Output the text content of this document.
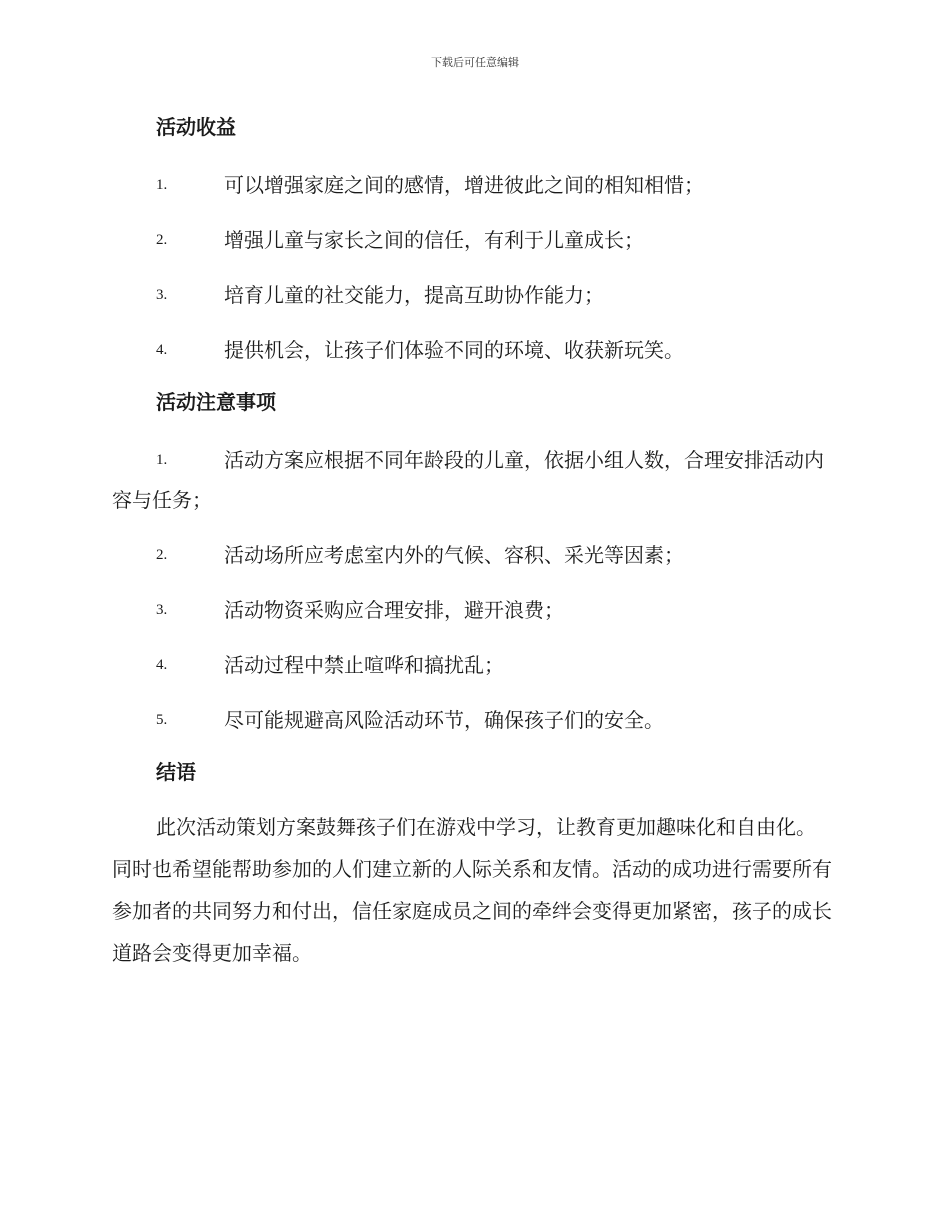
下载后可任意编辑
活动收益
1.	可以增强家庭之间的感情，增进彼此之间的相知相惜；
2.	增强儿童与家长之间的信任，有利于儿童成长；
3.	培育儿童的社交能力，提高互助协作能力；
4.	提供机会，让孩子们体验不同的环境、收获新玩笑。
活动注意事项
1.	活动方案应根据不同年龄段的儿童，依据小组人数，合理安排活动内容与任务；
2.	活动场所应考虑室内外的气候、容积、采光等因素；
3.	活动物资采购应合理安排，避开浪费；
4.	活动过程中禁止喧哗和搞扰乱；
5.	尽可能规避高风险活动环节，确保孩子们的安全。
结语
此次活动策划方案鼓舞孩子们在游戏中学习，让教育更加趣味化和自由化。同时也希望能帮助参加的人们建立新的人际关系和友情。活动的成功进行需要所有参加者的共同努力和付出，信任家庭成员之间的牵绊会变得更加紧密，孩子的成长道路会变得更加幸福。
